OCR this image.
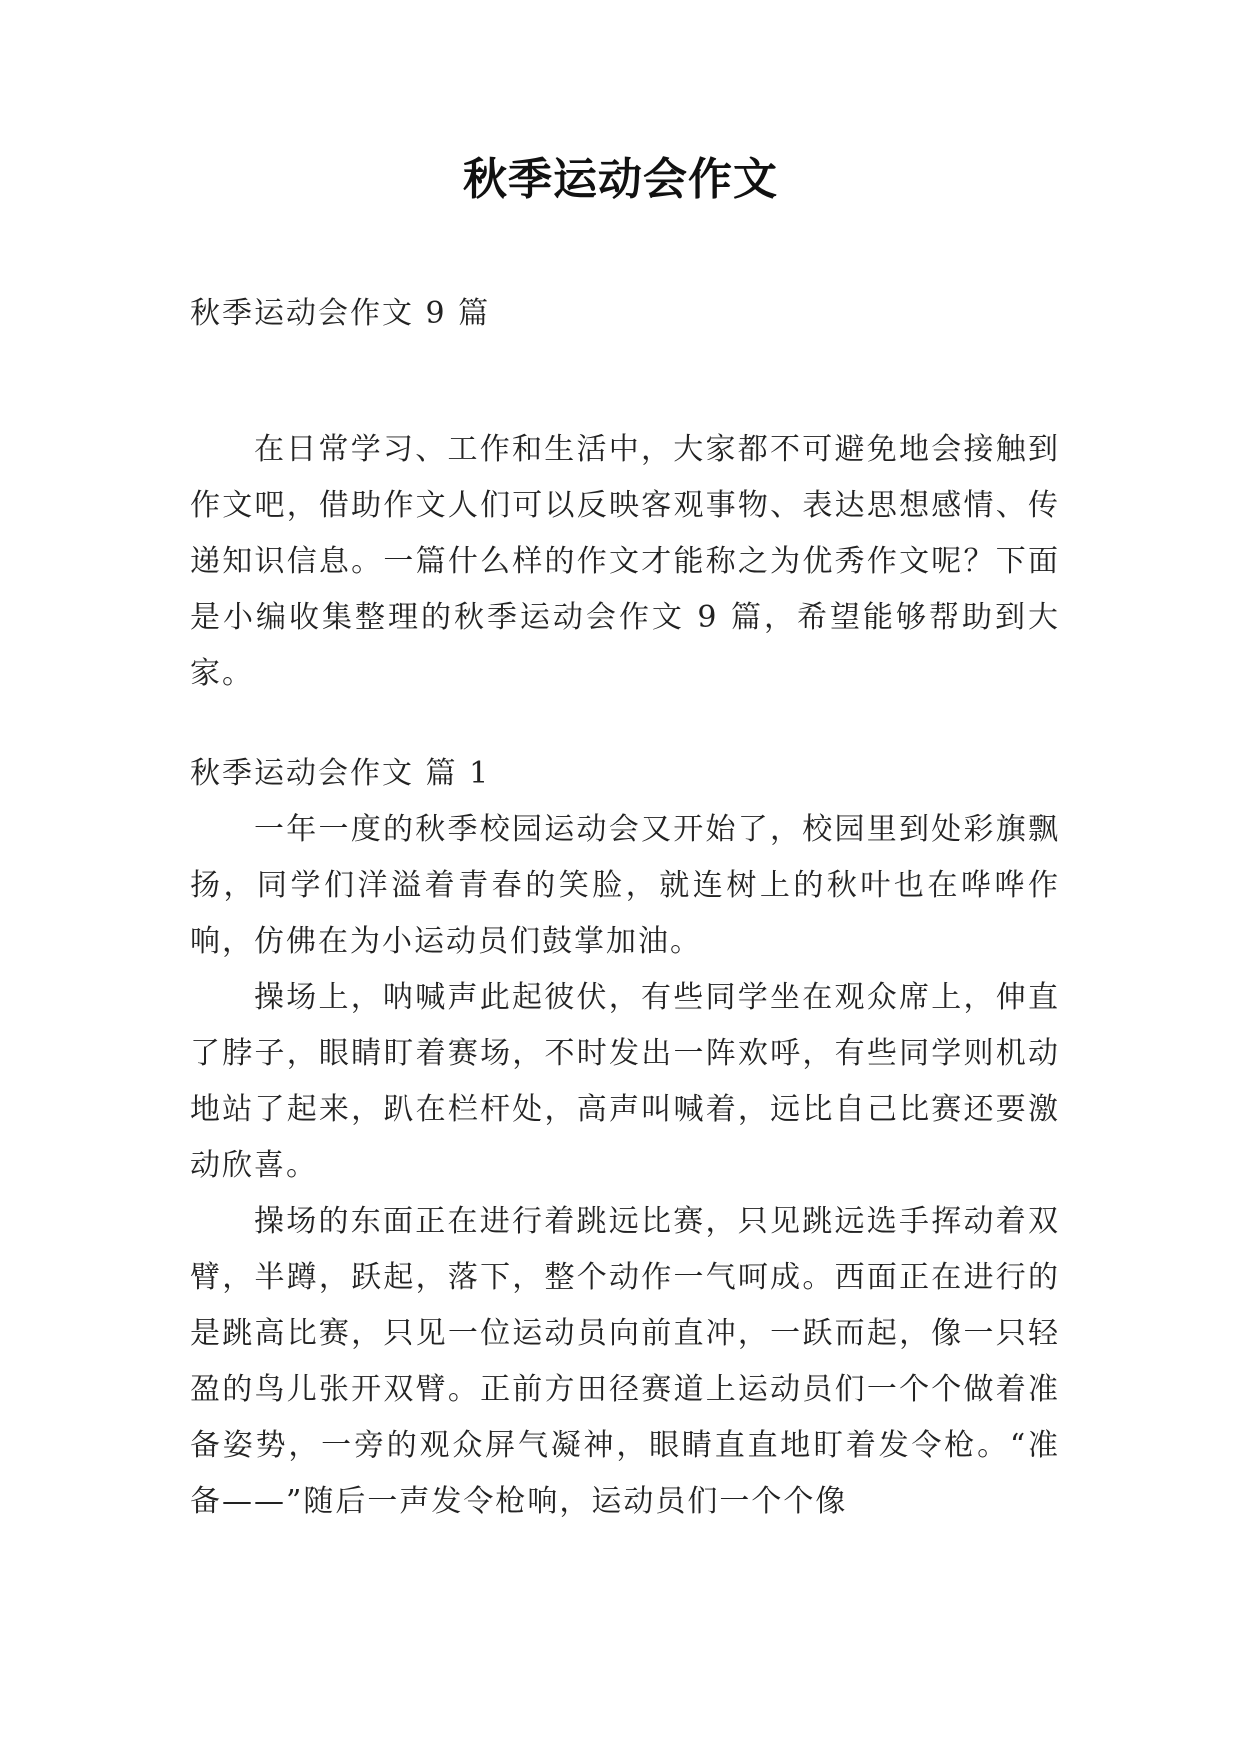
秋季运动会作文

秋季运动会作文 9 篇

在日常学习、工作和生活中，大家都不可避免地会接触到作文吧，借助作文人们可以反映客观事物、表达思想感情、传递知识信息。一篇什么样的作文才能称之为优秀作文呢？下面是小编收集整理的秋季运动会作文 9 篇，希望能够帮助到大家。

秋季运动会作文 篇 1

一年一度的秋季校园运动会又开始了，校园里到处彩旗飘扬，同学们洋溢着青春的笑脸，就连树上的秋叶也在哗哗作响，仿佛在为小运动员们鼓掌加油。

操场上，呐喊声此起彼伏，有些同学坐在观众席上，伸直了脖子，眼睛盯着赛场，不时发出一阵欢呼，有些同学则机动地站了起来，趴在栏杆处，高声叫喊着，远比自己比赛还要激动欣喜。

操场的东面正在进行着跳远比赛，只见跳远选手挥动着双臂，半蹲，跃起，落下，整个动作一气呵成。西面正在进行的是跳高比赛，只见一位运动员向前直冲，一跃而起，像一只轻盈的鸟儿张开双臂。正前方田径赛道上运动员们一个个做着准备姿势，一旁的观众屏气凝神，眼睛直直地盯着发令枪。“准备——”随后一声发令枪响，运动员们一个个像
